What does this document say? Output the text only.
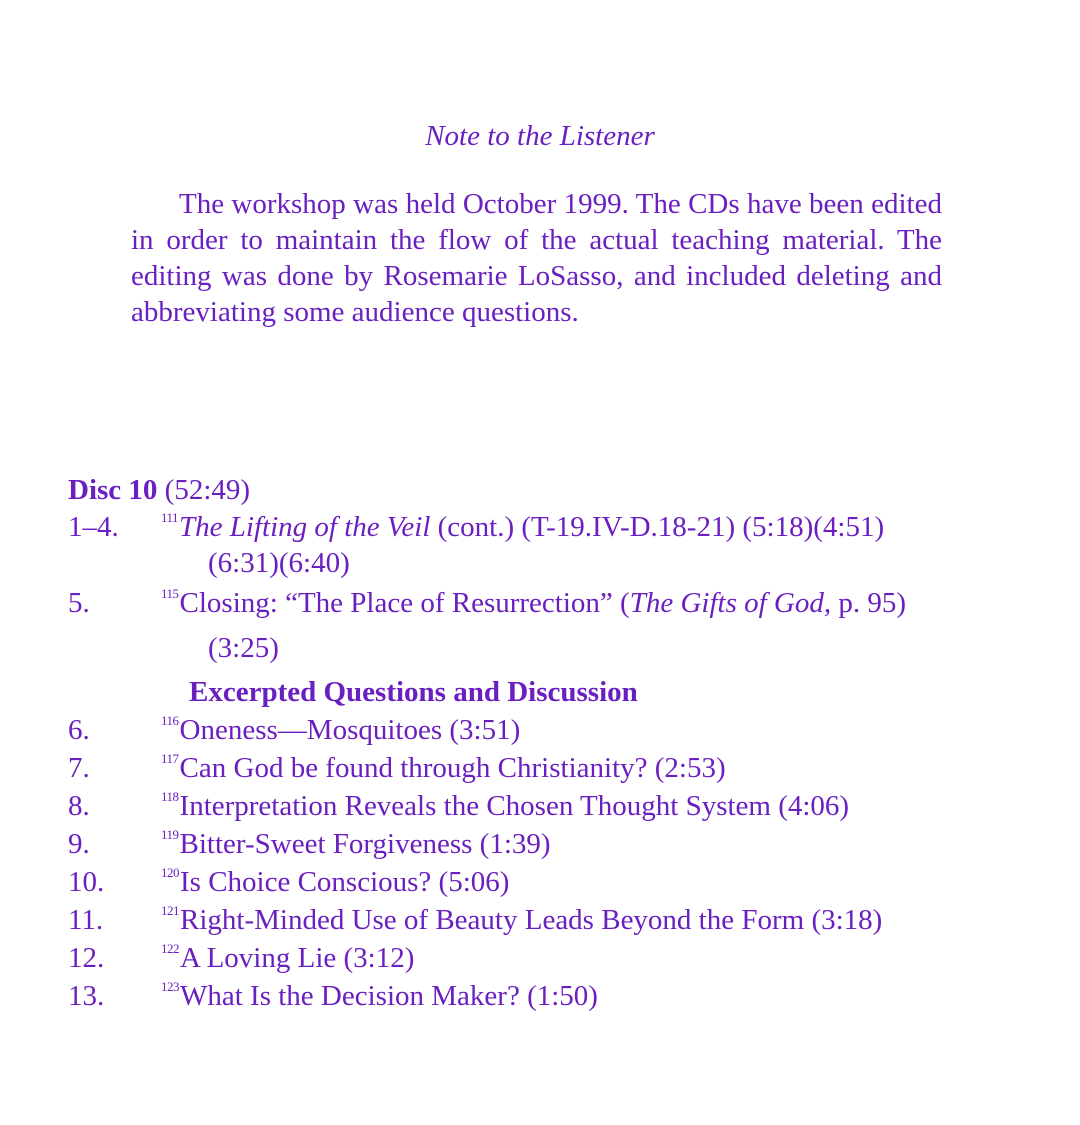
Note to the Listener
The workshop was held October 1999. The CDs have been edited in order to maintain the flow of the actual teaching material. The editing was done by Rosemarie LoSasso, and included deleting and abbreviating some audience questions.
Disc 10 (52:49)
1–4.	$^{111}$The Lifting of the Veil (cont.) (T-19.IV-D.18-21) (5:18)(4:51)
(6:31)(6:40)
5.	$^{115}$Closing: “The Place of Resurrection” (The Gifts of God, p. 95)
(3:25)
Excerpted Questions and Discussion
6.	$^{116}$Oneness—Mosquitoes (3:51)
7.	$^{117}$Can God be found through Christianity? (2:53)
8.	$^{118}$Interpretation Reveals the Chosen Thought System (4:06)
9.	$^{119}$Bitter-Sweet Forgiveness (1:39)
10.	$^{120}$Is Choice Conscious? (5:06)
11.	$^{121}$Right-Minded Use of Beauty Leads Beyond the Form (3:18)
12.	$^{122}$A Loving Lie (3:12)
13.	$^{123}$What Is the Decision Maker? (1:50)
